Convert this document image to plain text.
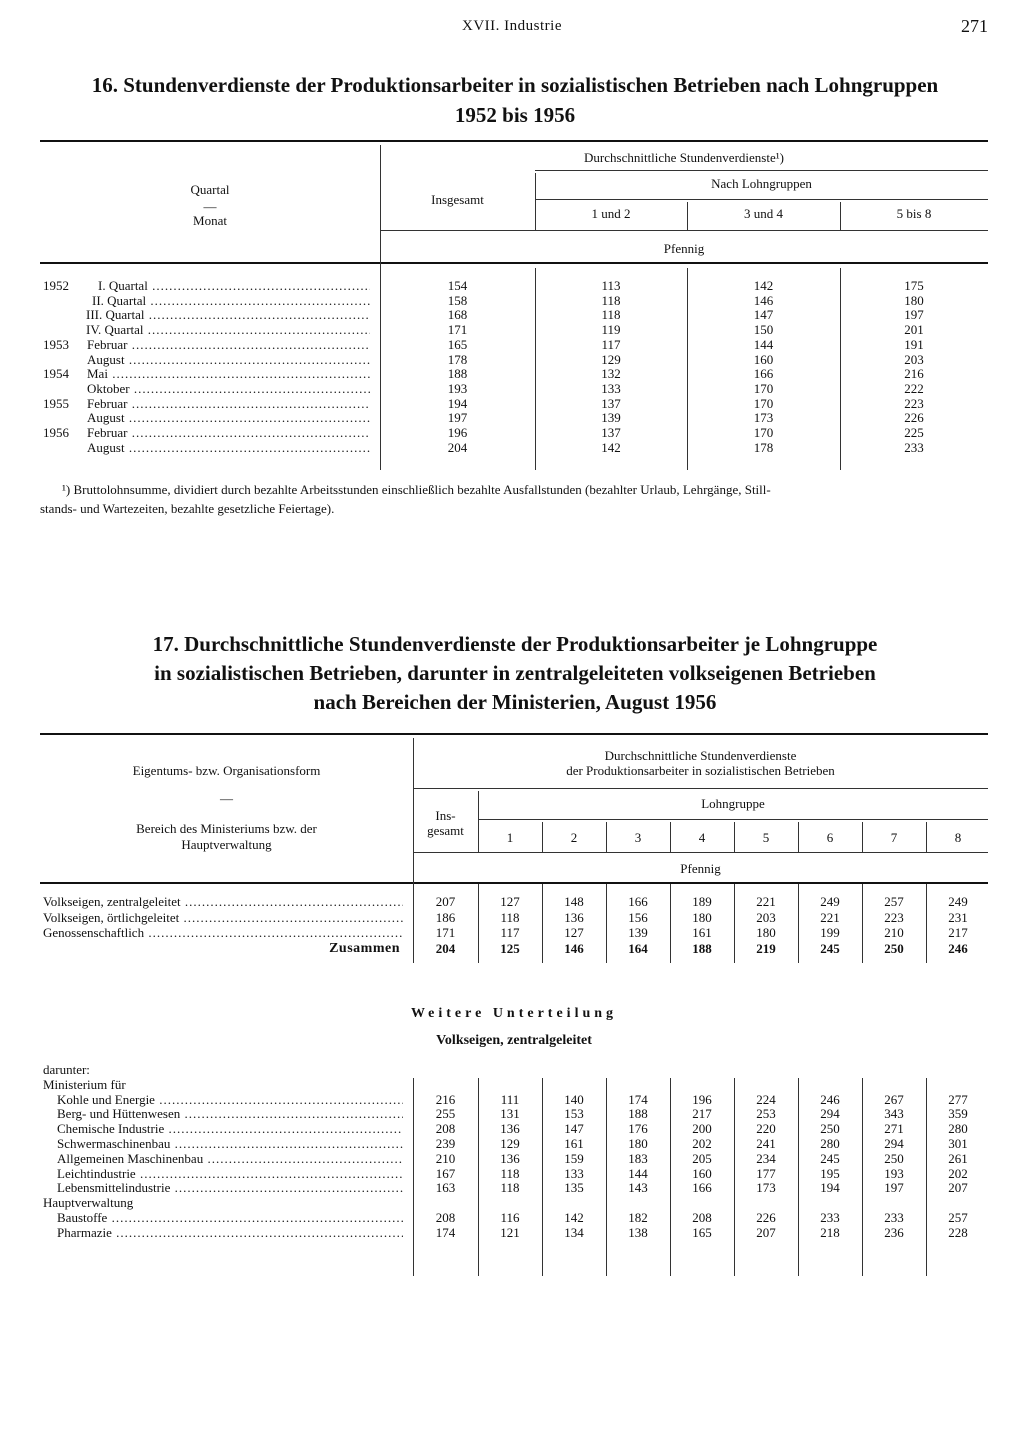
XVII. Industrie	271
16. Stundenverdienste der Produktionsarbeiter in sozialistischen Betrieben nach Lohngruppen
1952 bis 1956
Quartal
—
Monat
Durchschnittliche Stundenverdienste¹)
Insgesamt
Nach Lohngruppen
1 und 2	3 und 4	5 bis 8
Pfennig
1952	I. Quartal .....	154	113	142	175
II. Quartal .....	158	118	146	180
III. Quartal .....	168	118	147	197
IV. Quartal .....	171	119	150	201
1953	Februar .....	165	117	144	191
August .....	178	129	160	203
1954	Mai .....	188	132	166	216
Oktober .....	193	133	170	222
1955	Februar .....	194	137	170	223
August .....	197	139	173	226
1956	Februar .....	196	137	170	225
August .....	204	142	178	233
¹) Bruttolohnsumme, dividiert durch bezahlte Arbeitsstunden einschließlich bezahlte Ausfallstunden (bezahlter Urlaub, Lehrgänge, Still-
stands- und Wartezeiten, bezahlte gesetzliche Feiertage).
17. Durchschnittliche Stundenverdienste der Produktionsarbeiter je Lohngruppe
in sozialistischen Betrieben, darunter in zentralgeleiteten volkseigenen Betrieben
nach Bereichen der Ministerien, August 1956
Eigentums- bzw. Organisationsform
—
Bereich des Ministeriums bzw. der
Hauptverwaltung
Durchschnittliche Stundenverdienste
der Produktionsarbeiter in sozialistischen Betrieben
Ins-
gesamt
Lohngruppe
1	2	3	4	5	6	7	8
Pfennig
Volkseigen, zentralgeleitet .....	207	127	148	166	189	221	249	257	249
Volkseigen, örtlichgeleitet .....	186	118	136	156	180	203	221	223	231
Genossenschaftlich .....	171	117	127	139	161	180	199	210	217
Zusammen	204	125	146	164	188	219	245	250	246
Weitere Unterteilung
Volkseigen, zentralgeleitet
darunter:
Ministerium für
Kohle und Energie .....	216	111	140	174	196	224	246	267	277
Berg- und Hüttenwesen .....	255	131	153	188	217	253	294	343	359
Chemische Industrie .....	208	136	147	176	200	220	250	271	280
Schwermaschinenbau .....	239	129	161	180	202	241	280	294	301
Allgemeinen Maschinenbau .....	210	136	159	183	205	234	245	250	261
Leichtindustrie .....	167	118	133	144	160	177	195	193	202
Lebensmittelindustrie .....	163	118	135	143	166	173	194	197	207
Hauptverwaltung
Baustoffe .....	208	116	142	182	208	226	233	233	257
Pharmazie .....	174	121	134	138	165	207	218	236	228
